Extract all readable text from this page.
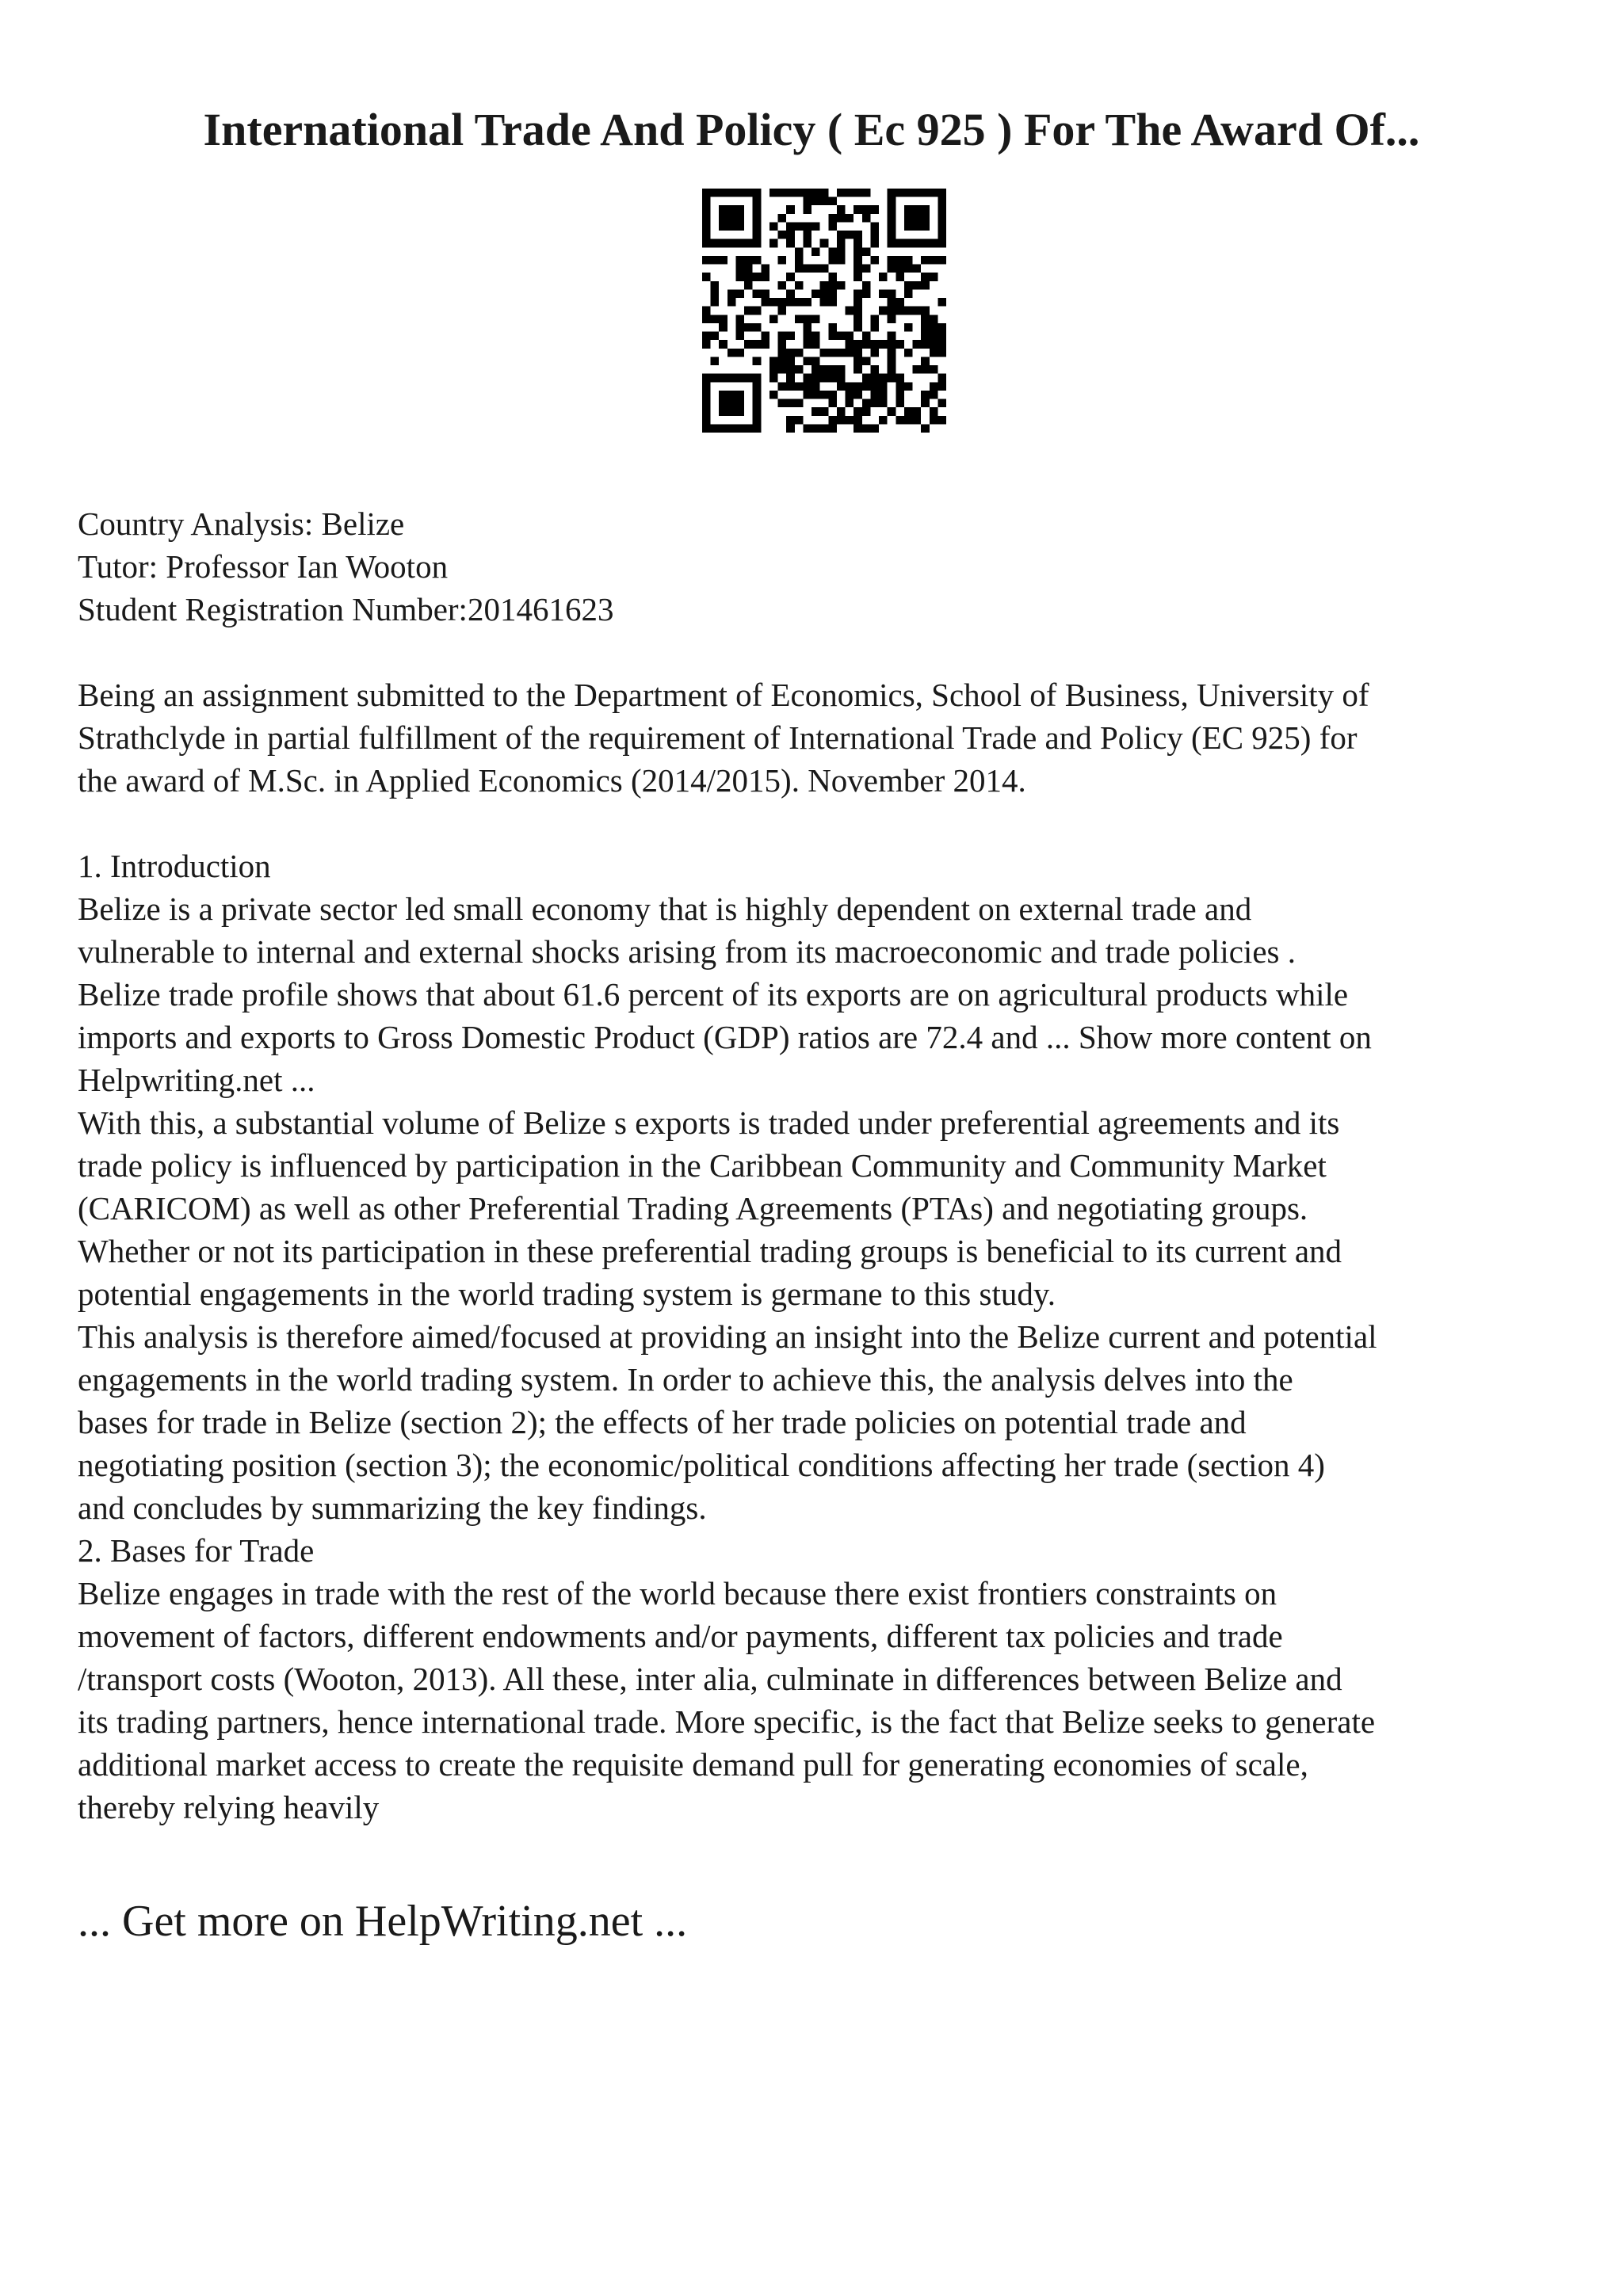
International Trade And Policy ( Ec 925 ) For The Award Of...
Country Analysis: Belize
Tutor: Professor Ian Wooton
Student Registration Number:201461623
Being an assignment submitted to the Department of Economics, School of Business, University of
Strathclyde in partial fulfillment of the requirement of International Trade and Policy (EC 925) for
the award of M.Sc. in Applied Economics (2014/2015). November 2014.
1. Introduction
Belize is a private sector led small economy that is highly dependent on external trade and
vulnerable to internal and external shocks arising from its macroeconomic and trade policies .
Belize trade profile shows that about 61.6 percent of its exports are on agricultural products while
imports and exports to Gross Domestic Product (GDP) ratios are 72.4 and ... Show more content on
Helpwriting.net ...
With this, a substantial volume of Belize s exports is traded under preferential agreements and its
trade policy is influenced by participation in the Caribbean Community and Community Market
(CARICOM) as well as other Preferential Trading Agreements (PTAs) and negotiating groups.
Whether or not its participation in these preferential trading groups is beneficial to its current and
potential engagements in the world trading system is germane to this study.
This analysis is therefore aimed/focused at providing an insight into the Belize current and potential
engagements in the world trading system. In order to achieve this, the analysis delves into the
bases for trade in Belize (section 2); the effects of her trade policies on potential trade and
negotiating position (section 3); the economic/political conditions affecting her trade (section 4)
and concludes by summarizing the key findings.
2. Bases for Trade
Belize engages in trade with the rest of the world because there exist frontiers constraints on
movement of factors, different endowments and/or payments, different tax policies and trade
/transport costs (Wooton, 2013). All these, inter alia, culminate in differences between Belize and
its trading partners, hence international trade. More specific, is the fact that Belize seeks to generate
additional market access to create the requisite demand pull for generating economies of scale,
thereby relying heavily

... Get more on HelpWriting.net ...
